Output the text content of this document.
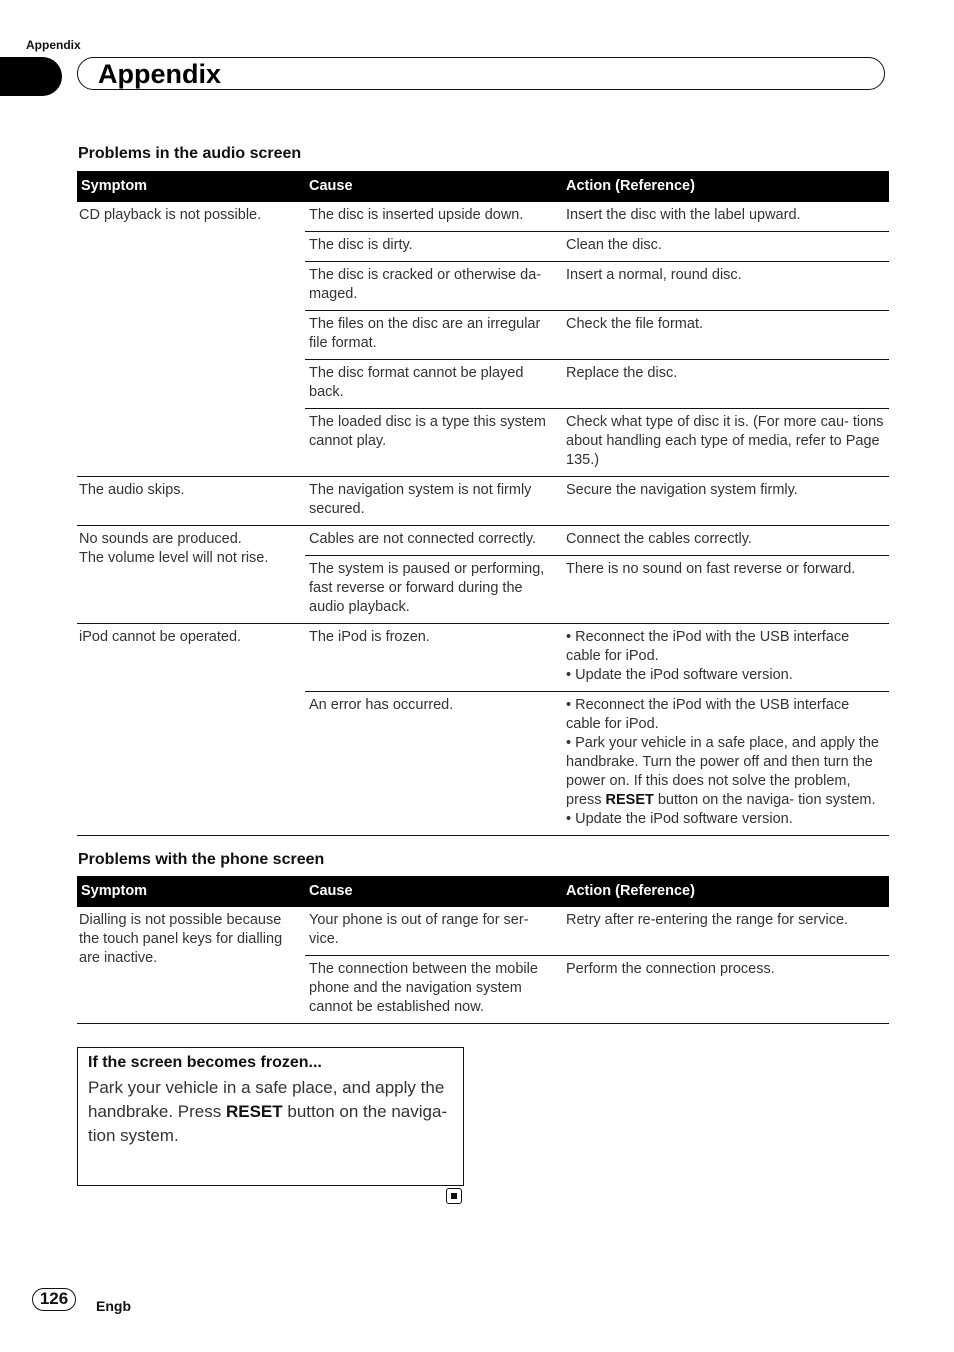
Appendix
Appendix
Problems in the audio screen
Symptom	Cause	Action (Reference)
CD playback is not possible.	The disc is inserted upside down.	Insert the disc with the label upward.
	The disc is dirty.	Clean the disc.
	The disc is cracked or otherwise da- maged.	Insert a normal, round disc.
	The files on the disc are an irregular file format.	Check the file format.
	The disc format cannot be played back.	Replace the disc.
	The loaded disc is a type this system cannot play.	Check what type of disc it is. (For more cau- tions about handling each type of media, refer to Page 135.)
The audio skips.	The navigation system is not firmly secured.	Secure the navigation system firmly.

No sounds are produced.
The volume level will not rise.	Cables are not connected correctly.	Connect the cables correctly.
	The system is paused or performing, fast reverse or forward during the audio playback.	There is no sound on fast reverse or forward.
iPod cannot be operated.	The iPod is frozen.	• Reconnect the iPod with the USB interface cable for iPod.
• Update the iPod software version.

	An error has occurred.	• Reconnect the iPod with the USB interface cable for iPod.
• Park your vehicle in a safe place, and apply the handbrake. Turn the power off and then turn the power on. If this does not solve the problem, press RESET button on the naviga- tion system.
• Update the iPod software version.
Problems with the phone screen
Symptom	Cause	Action (Reference)
Dialling is not possible because the touch panel keys for dialling are inactive.	Your phone is out of range for ser- vice.	Retry after re-entering the range for service.
	The connection between the mobile phone and the navigation system cannot be established now.	Perform the connection process.
If the screen becomes frozen...
Park your vehicle in a safe place, and apply the handbrake. Press RESET button on the naviga- tion system.
126	Engb
